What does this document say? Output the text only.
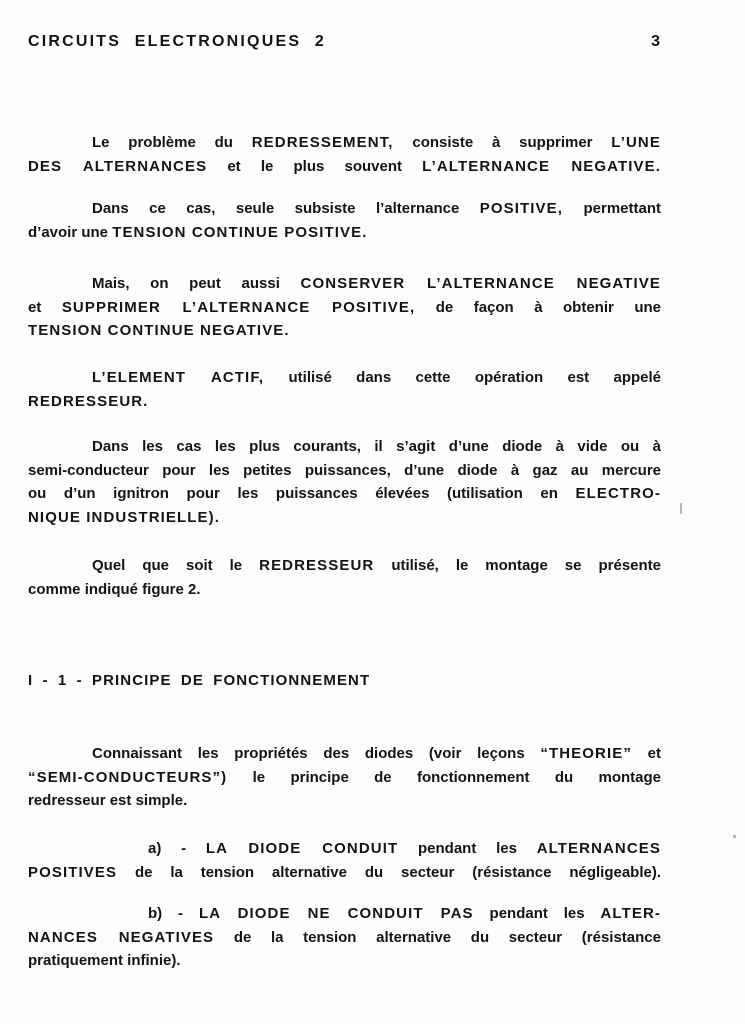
CIRCUITS ELECTRONIQUES 2	3
Le problème du REDRESSEMENT, consiste à supprimer L’UNE
DES ALTERNANCES et le plus souvent L’ALTERNANCE NEGATIVE.
Dans ce cas, seule subsiste l’alternance POSITIVE, permettant
d’avoir une TENSION CONTINUE POSITIVE.
Mais, on peut aussi CONSERVER L’ALTERNANCE NEGATIVE
et SUPPRIMER L’ALTERNANCE POSITIVE, de façon à obtenir une
TENSION CONTINUE NEGATIVE.
L’ELEMENT ACTIF, utilisé dans cette opération est appelé
REDRESSEUR.
Dans les cas les plus courants, il s’agit d’une diode à vide ou à
semi-conducteur pour les petites puissances, d’une diode à gaz au mercure
ou d’un ignitron pour les puissances élevées (utilisation en ELECTRO-
NIQUE INDUSTRIELLE).
Quel que soit le REDRESSEUR utilisé, le montage se présente
comme indiqué figure 2.
I - 1 - PRINCIPE DE FONCTIONNEMENT
Connaissant les propriétés des diodes (voir leçons “THEORIE” et
“SEMI-CONDUCTEURS”) le principe de fonctionnement du montage
redresseur est simple.
a) - LA DIODE CONDUIT pendant les ALTERNANCES
POSITIVES de la tension alternative du secteur (résistance négligeable).
b) - LA DIODE NE CONDUIT PAS pendant les ALTER-
NANCES NEGATIVES de la tension alternative du secteur (résistance
pratiquement infinie).
